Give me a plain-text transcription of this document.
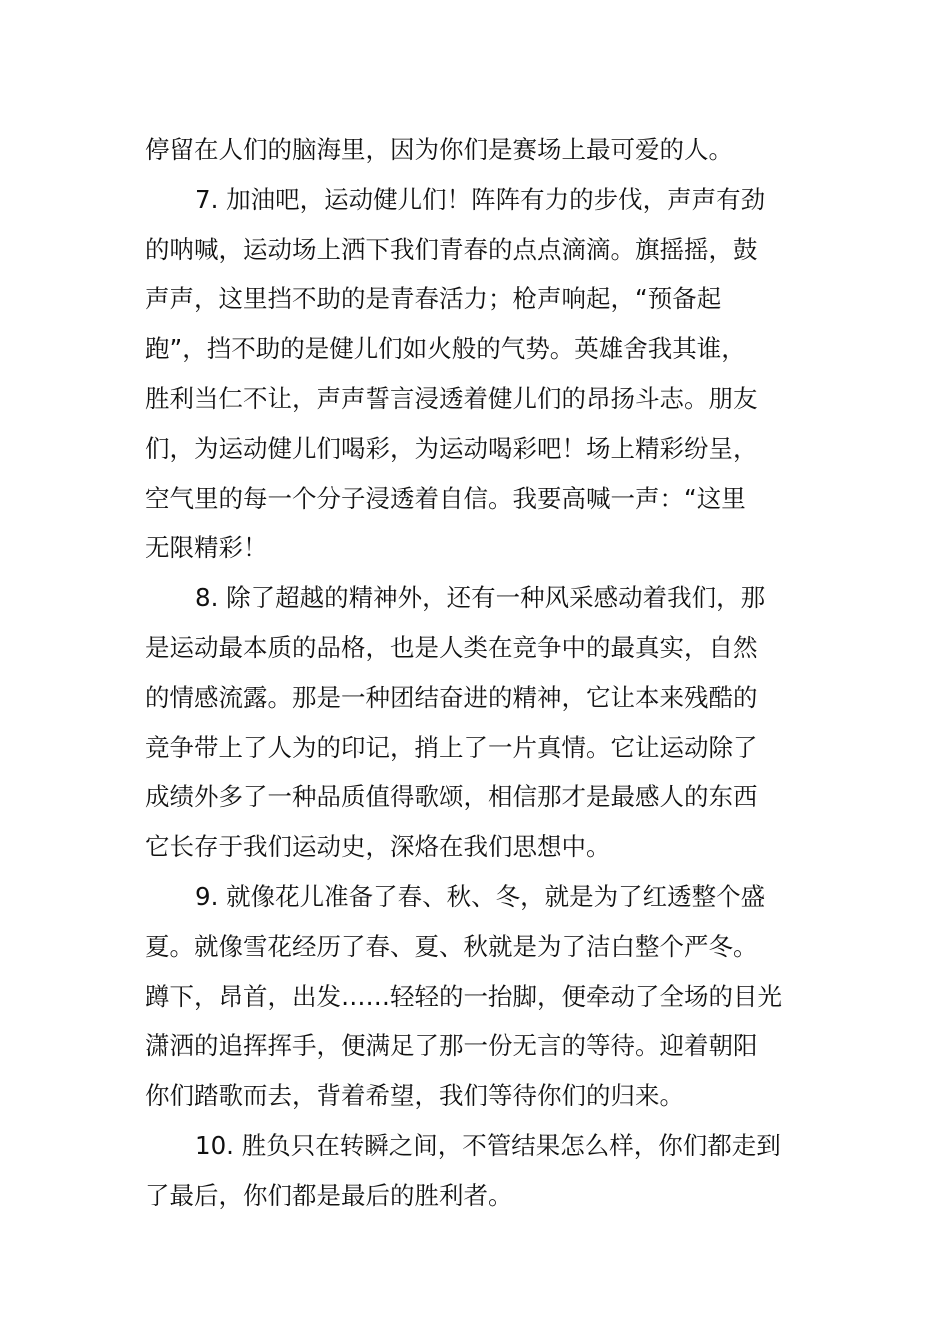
停留在人们的脑海里，因为你们是赛场上最可爱的人。
7. 加油吧，运动健儿们！阵阵有力的步伐，声声有劲
的呐喊，运动场上洒下我们青春的点点滴滴。旗摇摇，鼓
声声，这里挡不助的是青春活力；枪声响起，“预备起
跑”，挡不助的是健儿们如火般的气势。英雄舍我其谁，
胜利当仁不让，声声誓言浸透着健儿们的昂扬斗志。朋友
们，为运动健儿们喝彩，为运动喝彩吧！场上精彩纷呈，
空气里的每一个分子浸透着自信。我要高喊一声：“这里
无限精彩！
8. 除了超越的精神外，还有一种风采感动着我们，那
是运动最本质的品格，也是人类在竞争中的最真实，自然
的情感流露。那是一种团结奋进的精神，它让本来残酷的
竞争带上了人为的印记，捎上了一片真情。它让运动除了
成绩外多了一种品质值得歌颂，相信那才是最感人的东西
它长存于我们运动史，深烙在我们思想中。
9. 就像花儿准备了春、秋、冬，就是为了红透整个盛
夏。就像雪花经历了春、夏、秋就是为了洁白整个严冬。
蹲下，昂首，出发……轻轻的一抬脚，便牵动了全场的目光
潇洒的追挥挥手，便满足了那一份无言的等待。迎着朝阳
你们踏歌而去，背着希望，我们等待你们的归来。
10. 胜负只在转瞬之间，不管结果怎么样，你们都走到
了最后，你们都是最后的胜利者。
